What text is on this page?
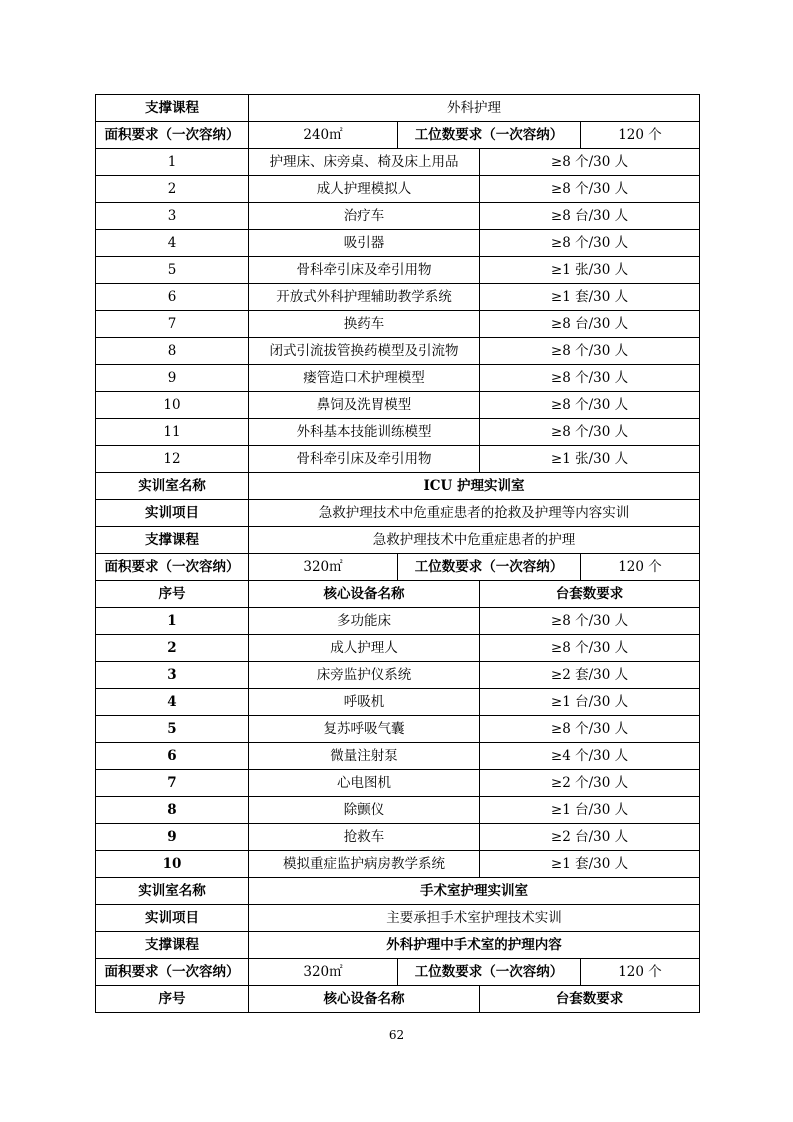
支撑课程	外科护理			
面积要求（一次容纳）	240㎡	工位数要求（一次容纳）		120 个
1	护理床、床旁桌、椅及床上用品		≥8 个/30 人	
2	成人护理模拟人		≥8 个/30 人	
3	治疗车		≥8 台/30 人	
4	吸引器		≥8 个/30 人	
5	骨科牵引床及牵引用物		≥1 张/30 人	
6	开放式外科护理辅助教学系统		≥1 套/30 人	
7	换药车		≥8 台/30 人	
8	闭式引流拔管换药模型及引流物		≥8 个/30 人	
9	瘘管造口术护理模型		≥8 个/30 人	
10	鼻饲及洗胃模型		≥8 个/30 人	
11	外科基本技能训练模型		≥8 个/30 人	
12	骨科牵引床及牵引用物		≥1 张/30 人	
实训室名称	ICU 护理实训室			
实训项目	急救护理技术中危重症患者的抢救及护理等内容实训			
支撑课程	急救护理技术中危重症患者的护理			
面积要求（一次容纳）	320㎡	工位数要求（一次容纳）		120 个
序号	核心设备名称		台套数要求	
1	多功能床		≥8 个/30 人	
2	成人护理人		≥8 个/30 人	
3	床旁监护仪系统		≥2 套/30 人	
4	呼吸机		≥1 台/30 人	
5	复苏呼吸气囊		≥8 个/30 人	
6	微量注射泵		≥4 个/30 人	
7	心电图机		≥2 个/30 人	
8	除颤仪		≥1 台/30 人	
9	抢救车		≥2 台/30 人	
10	模拟重症监护病房教学系统		≥1 套/30 人	
实训室名称	手术室护理实训室			
实训项目	主要承担手术室护理技术实训			
支撑课程	外科护理中手术室的护理内容			
面积要求（一次容纳）	320㎡	工位数要求（一次容纳）		120 个
序号	核心设备名称		台套数要求	
62
